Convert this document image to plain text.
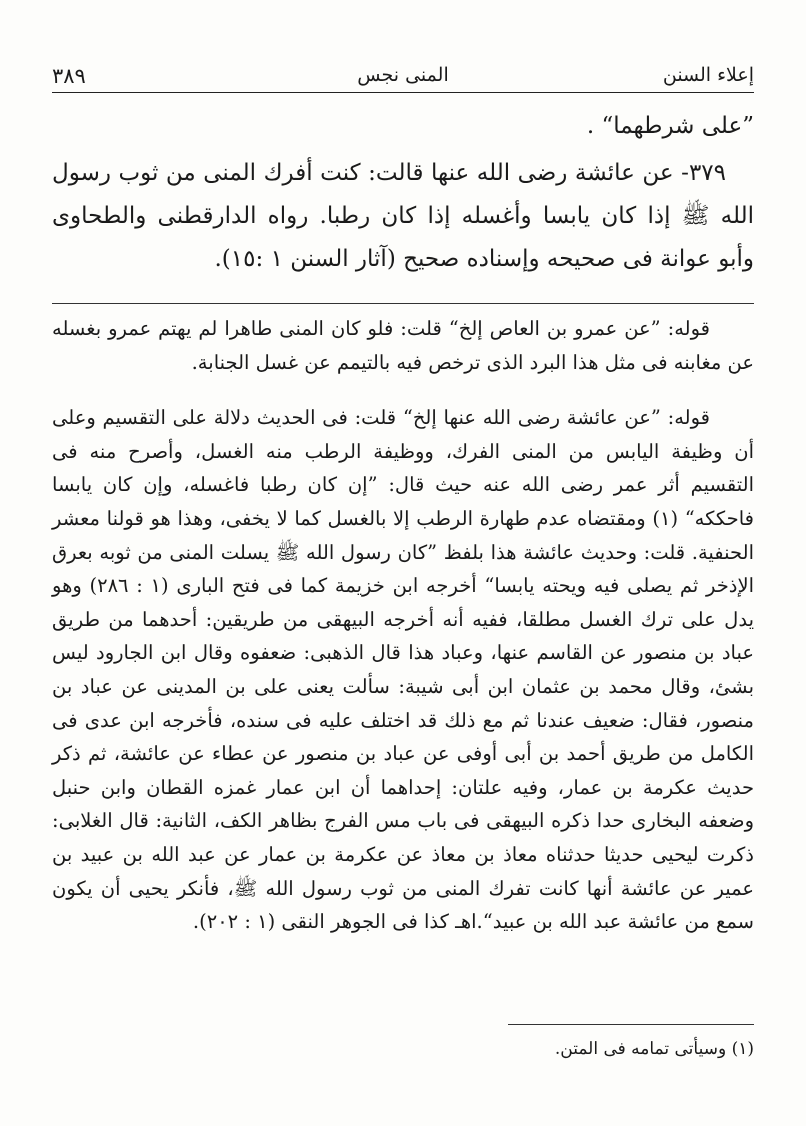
إعلاء السنن
المنى نجس
٣٨٩

”على شرطهما“ .

٣٧٩- عن عائشة رضى الله عنها قالت: كنت أفرك المنى من ثوب رسول الله ﷺ إذا كان يابسا وأغسله إذا كان رطبا. رواه الدارقطنى والطحاوى وأبو عوانة فى صحيحه وإسناده صحيح (آثار السنن ١ :١٥).

قوله: ”عن عمرو بن العاص إلخ“ قلت: فلو كان المنى طاهرا لم يهتم عمرو بغسله عن مغابنه فى مثل هذا البرد الذى ترخص فيه بالتيمم عن غسل الجنابة.

قوله: ”عن عائشة رضى الله عنها إلخ“ قلت: فى الحديث دلالة على التقسيم وعلى أن وظيفة اليابس من المنى الفرك، ووظيفة الرطب منه الغسل، وأصرح منه فى التقسيم أثر عمر رضى الله عنه حيث قال: ”إن كان رطبا فاغسله، وإن كان يابسا فاحككه“ (١) ومقتضاه عدم طهارة الرطب إلا بالغسل كما لا يخفى، وهذا هو قولنا معشر الحنفية. قلت: وحديث عائشة هذا بلفظ ”كان رسول الله ﷺ يسلت المنى من ثوبه بعرق الإذخر ثم يصلى فيه ويحته يابسا“ أخرجه ابن خزيمة كما فى فتح البارى (١ : ٢٨٦) وهو يدل على ترك الغسل مطلقا، ففيه أنه أخرجه البيهقى من طريقين: أحدهما من طريق عباد بن منصور عن القاسم عنها، وعباد هذا قال الذهبى: ضعفوه وقال ابن الجارود ليس بشئ، وقال محمد بن عثمان ابن أبى شيبة: سألت يعنى على بن المدينى عن عباد بن منصور، فقال: ضعيف عندنا ثم مع ذلك قد اختلف عليه فى سنده، فأخرجه ابن عدى فى الكامل من طريق أحمد بن أبى أوفى عن عباد بن منصور عن عطاء عن عائشة، ثم ذكر حديث عكرمة بن عمار، وفيه علتان: إحداهما أن ابن عمار غمزه القطان وابن حنبل وضعفه البخارى حدا ذكره البيهقى فى باب مس الفرج بظاهر الكف، الثانية: قال الغلابى: ذكرت ليحيى حديثا حدثناه معاذ بن معاذ عن عكرمة بن عمار عن عبد الله بن عبيد بن عمير عن عائشة أنها كانت تفرك المنى من ثوب رسول الله ﷺ، فأنكر يحيى أن يكون سمع من عائشة عبد الله بن عبيد“.اهـ كذا فى الجوهر النقى (١ : ٢٠٢).

(١) وسيأتى تمامه فى المتن.
